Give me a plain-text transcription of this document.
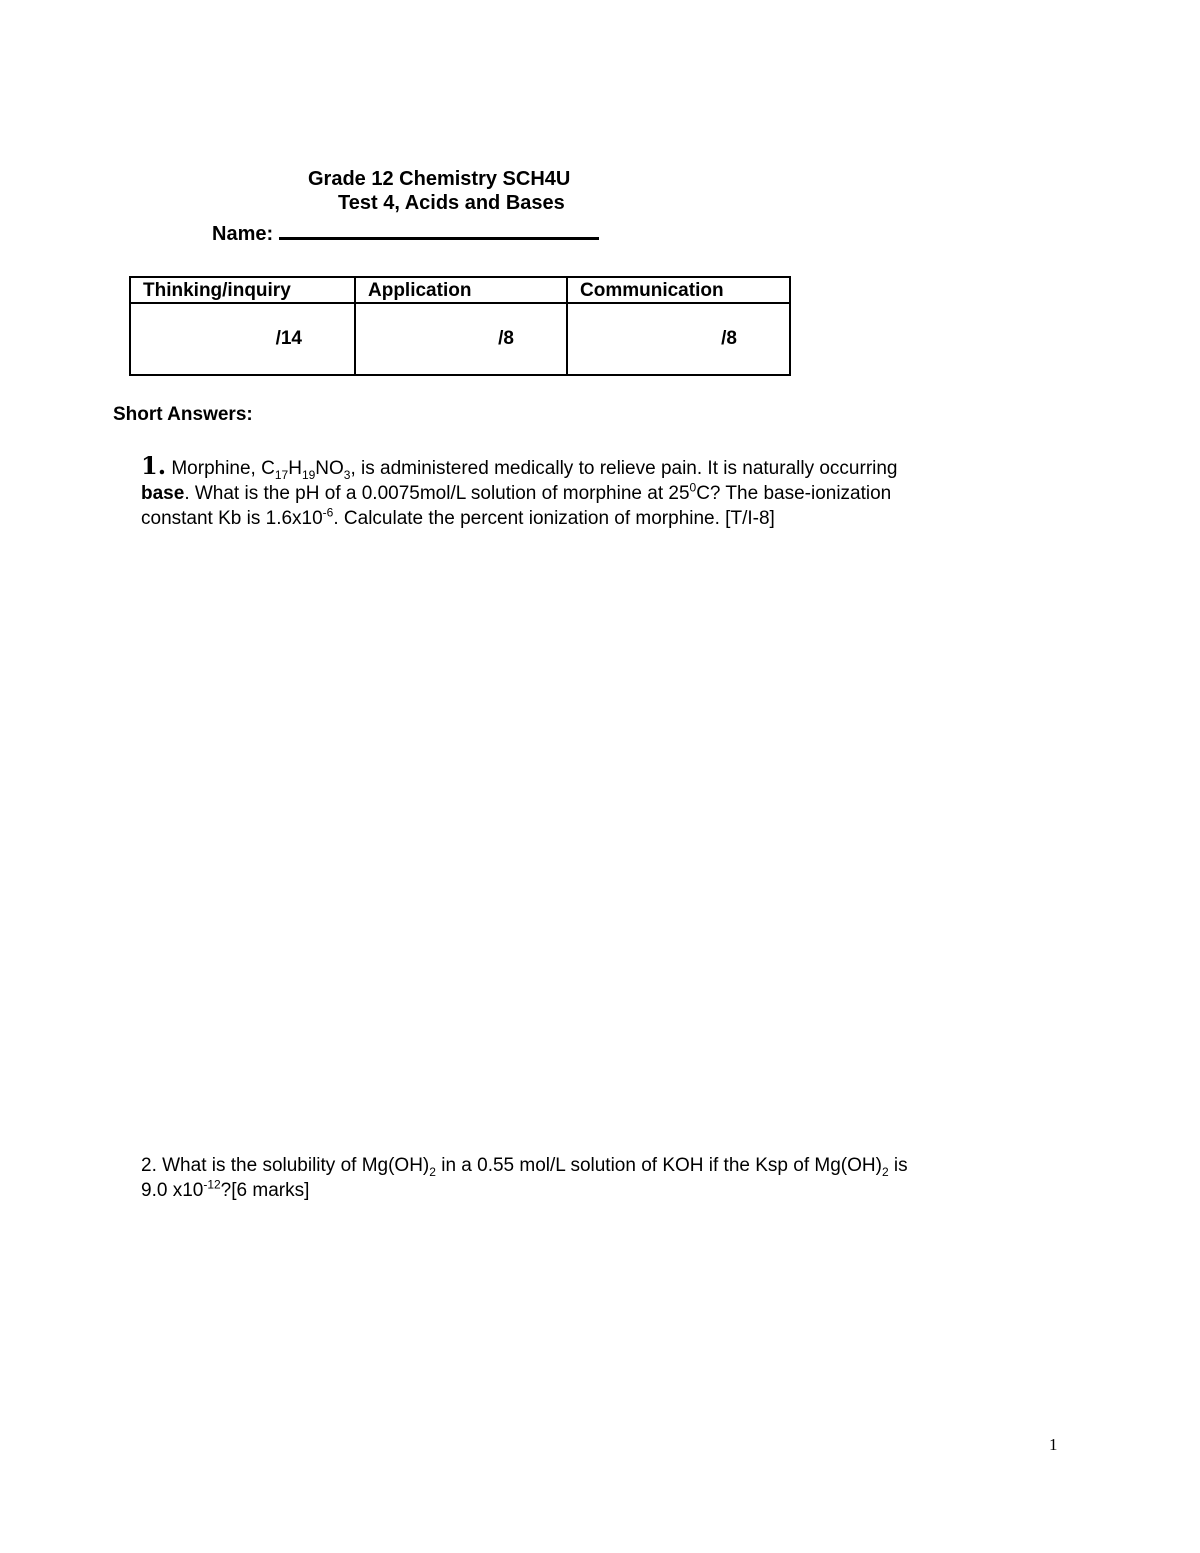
Grade 12 Chemistry SCH4U
Test 4, Acids and Bases
Name:
Thinking/inquiry	Application	Communication
/14	/8	/8
Short Answers:
1. Morphine, $C_{17}H_{19}NO_3$, is administered medically to relieve pain. It is naturally occurring
base. What is the pH of a 0.0075mol/L solution of morphine at $25^0C$? The base-ionization
constant Kb is $1.6x10^{-6}$. Calculate the percent ionization of morphine. [T/I-8]
2. What is the solubility of $Mg(OH)_2$ in a 0.55 mol/L solution of KOH if the Ksp of $Mg(OH)_2$ is
9.0 $x10^{-12}?[6$ marks]
1
